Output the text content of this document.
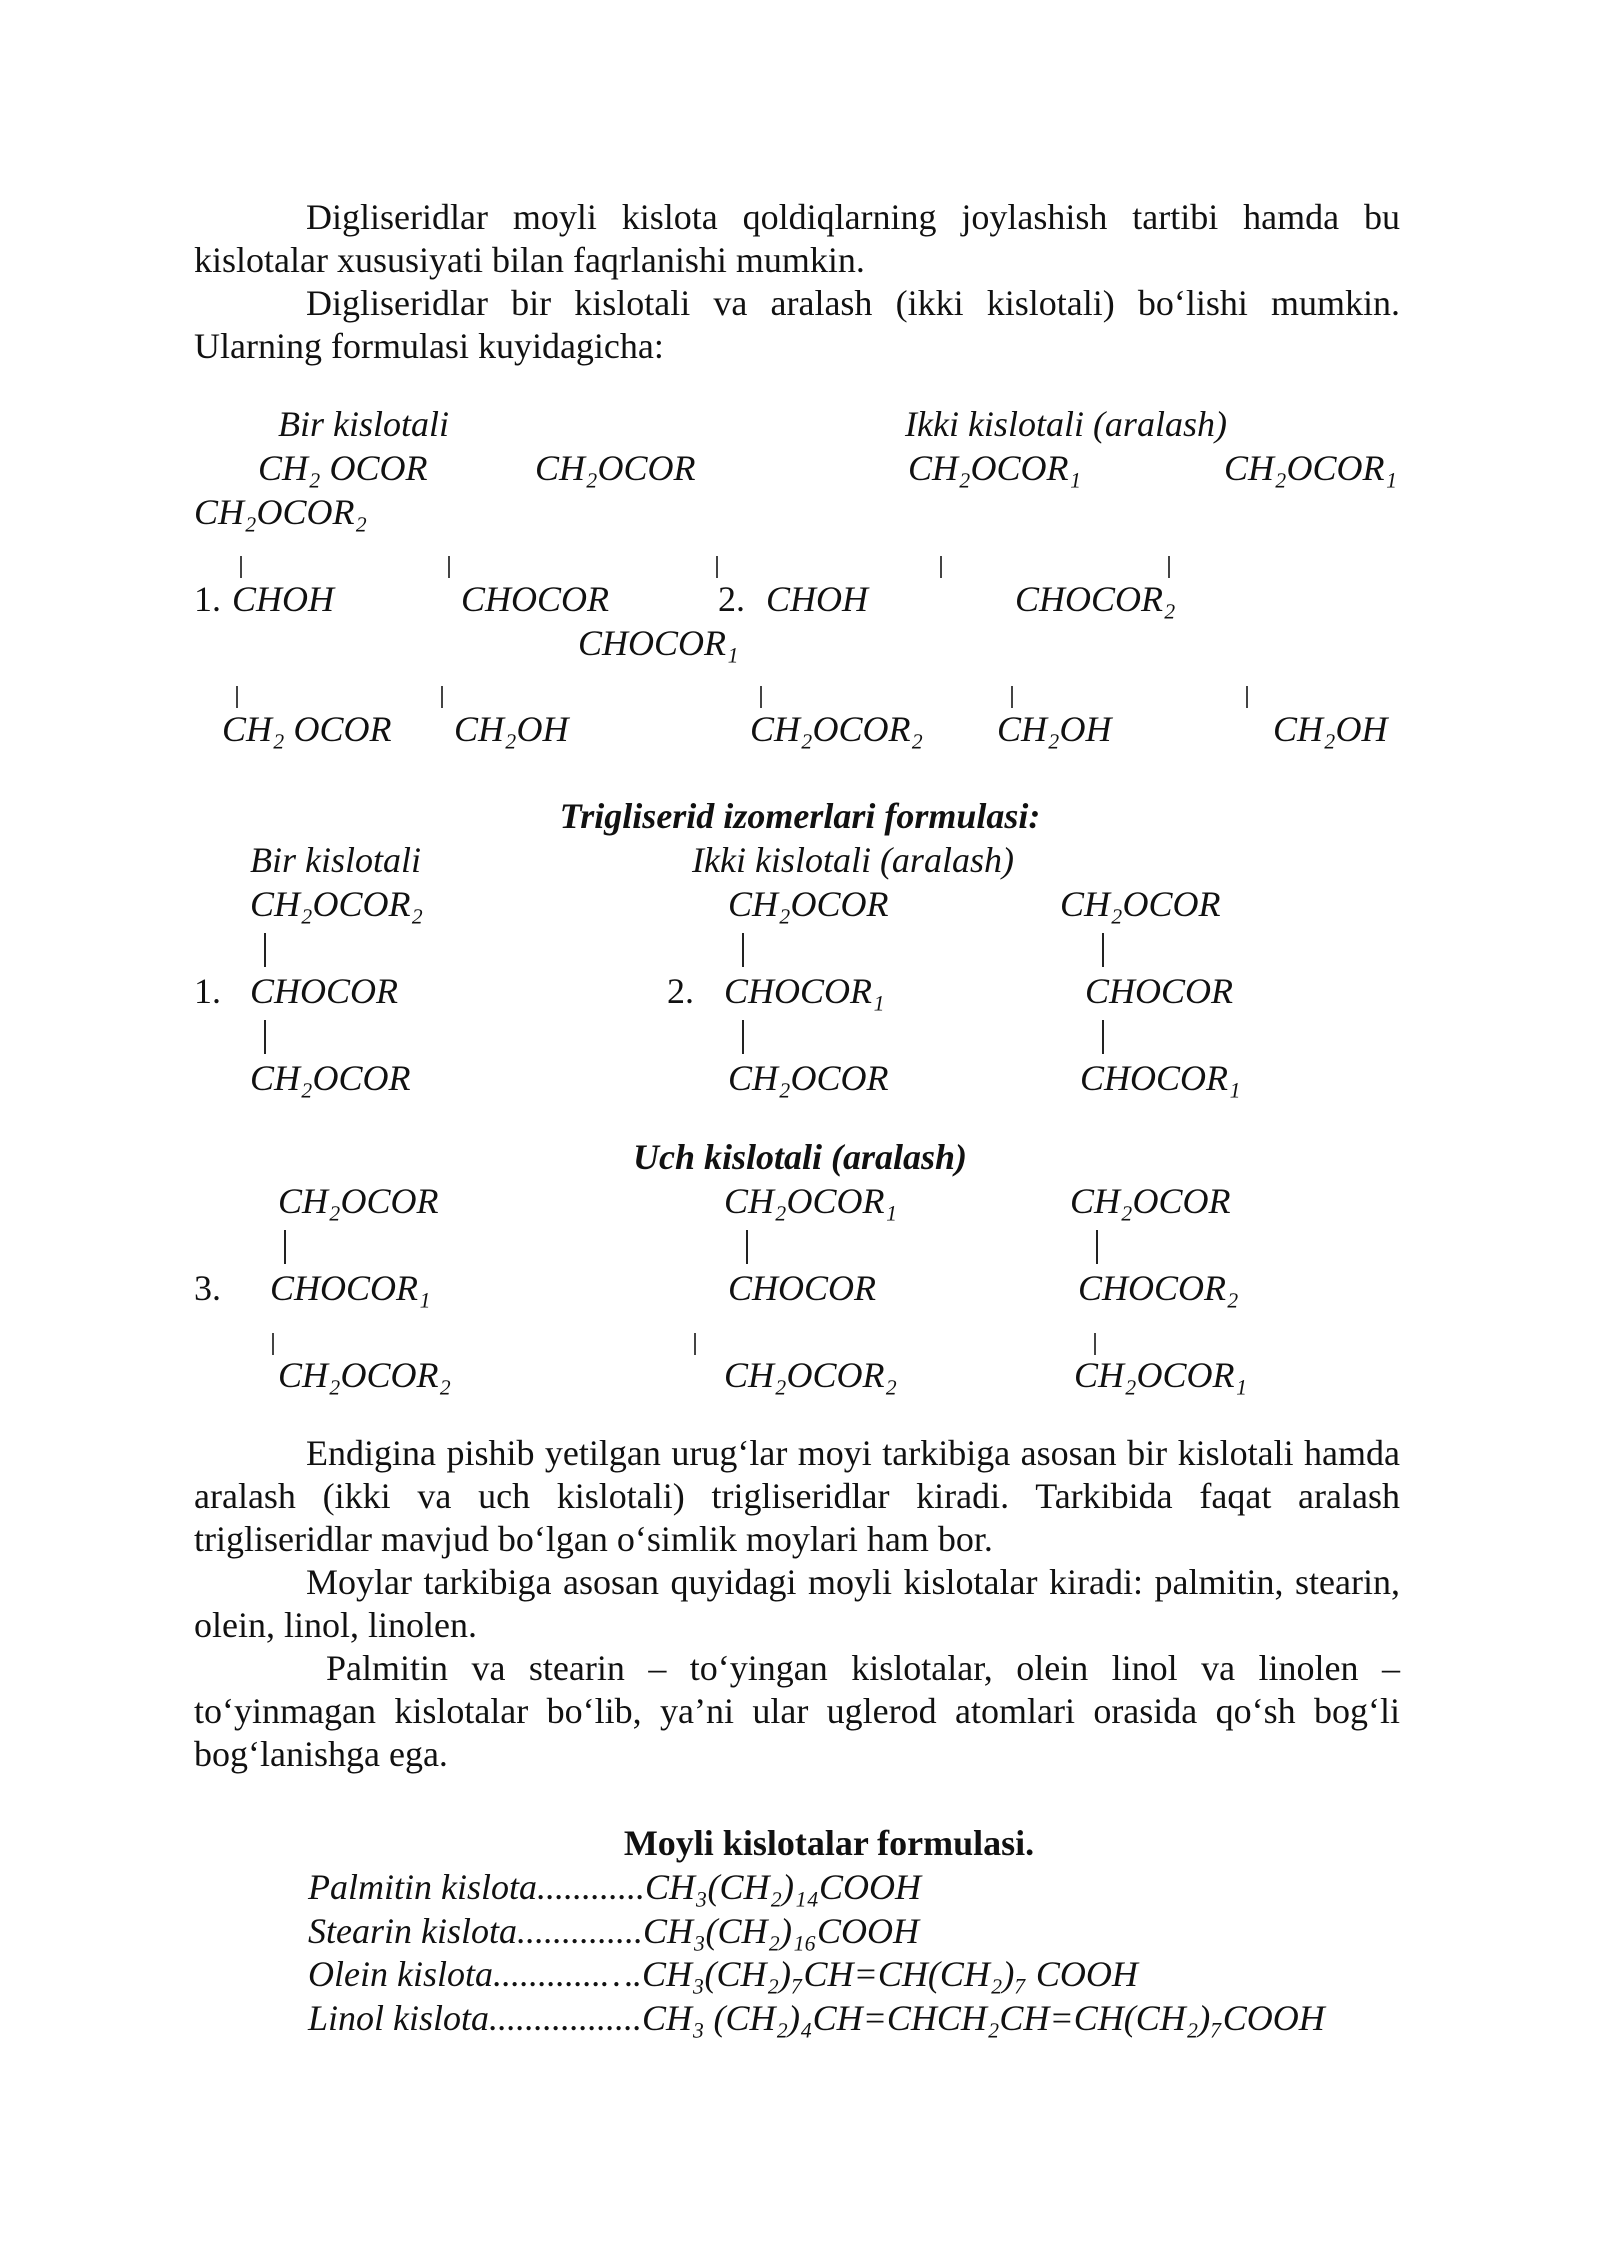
Digliseridlar moyli kislota qoldiqlarning joylashish tartibi hamda bu kislotalar xususiyati bilan faqrlanishi mumkin.

Digliseridlar bir kislotali va aralash (ikki kislotali) bo‘lishi mumkin. Ularning formulasi kuyidagicha:

Bir kislotali	Ikki kislotali (aralash)
CH₂ OCOR	CH₂OCOR	CH₂OCOR₁	CH₂OCOR₁
CH₂OCOR₂
1. CHOH	CHOCOR	2. CHOH	CHOCOR₂
CHOCOR₁
CH₂ OCOR CH₂OH	CH₂OCOR₂ CH₂OH	CH₂OH
Trigliserid izomerlari formulasi:
Bir kislotali	Ikki kislotali (aralash)
CH₂OCOR₂	CH₂OCOR	CH₂OCOR
1. CHOCOR	2. CHOCOR₁	CHOCOR
CH₂OCOR	CH₂OCOR	CHOCOR₁
Uch kislotali (aralash)
CH₂OCOR	CH₂OCOR₁	CH₂OCOR
3. CHOCOR₁	CHOCOR	CHOCOR₂
CH₂OCOR₂	CH₂OCOR₂	CH₂OCOR₁

Endigina pishib yetilgan urug‘lar moyi tarkibiga asosan bir kislotali hamda aralash (ikki va uch kislotali) trigliseridlar kiradi. Tarkibida faqat aralash trigliseridlar mavjud bo‘lgan o‘simlik moylari ham bor.

Moylar tarkibiga asosan quyidagi moyli kislotalar kiradi: palmitin, stearin, olein, linol, linolen.

Palmitin va stearin – to‘yingan kislotalar, olein linol va linolen – to‘yinmagan kislotalar bo‘lib, ya’ni ular uglerod atomlari orasida qo‘sh bog‘li bog‘lanishga ega.

Moyli kislotalar formulasi.
Palmitin kislota............CH₃(CH₂)₁₄COOH
Stearin kislota..............CH₃(CH₂)₁₆COOH
Olein kislota............….CH₃(CH₂)₇CH=CH(CH₂)₇ COOH
Linol kislota.................CH₃ (CH₂)₄CH=CHCH₂CH=CH(CH₂)₇COOH
